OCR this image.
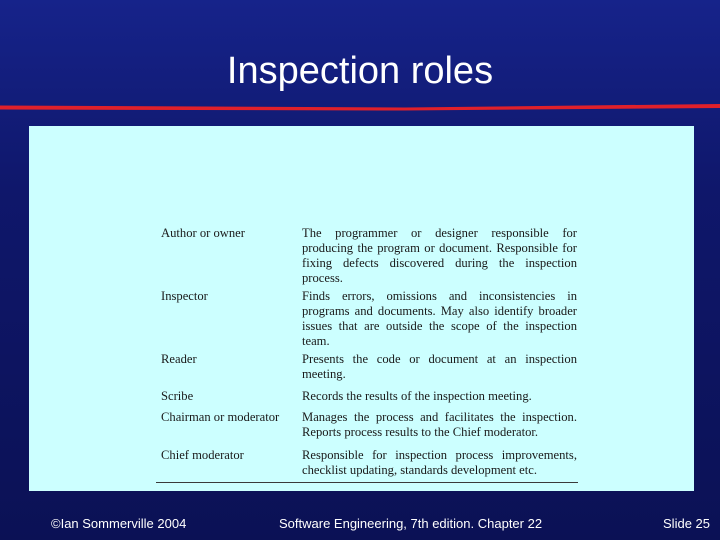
Inspection roles
Author or owner	The programmer or designer responsible for producing the program or document. Responsible for fixing defects discovered during the inspection process.
Inspector	Finds errors, omissions and inconsistencies in programs and documents. May also identify broader issues that are outside the scope of the inspection team.
Reader	Presents the code or document at an inspection meeting.
Scribe	Records the results of the inspection meeting.
Chairman or moderator	Manages the process and facilitates the inspection. Reports process results to the Chief moderator.
Chief moderator	Responsible for inspection process improvements, checklist updating, standards development etc.
©Ian Sommerville 2004	Software Engineering, 7th edition. Chapter 22	Slide 25
